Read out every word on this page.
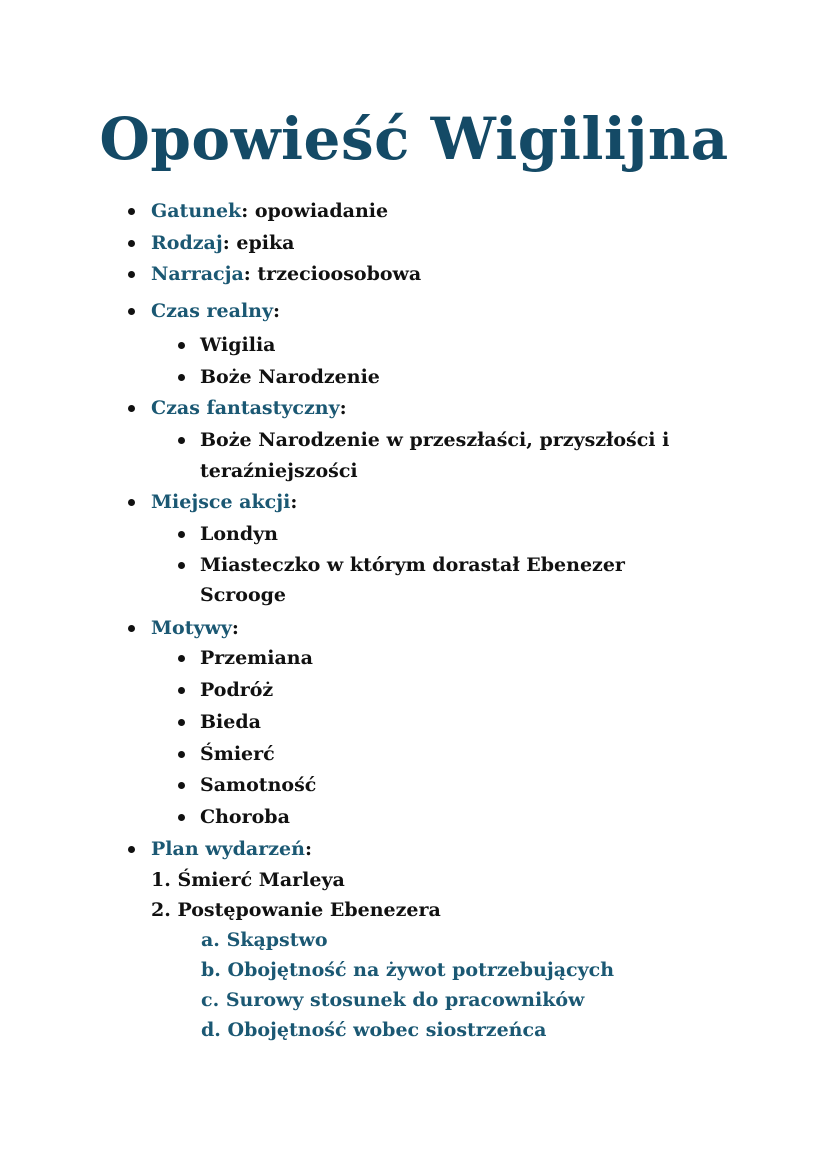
Opowieść Wigilijna
Gatunek: opowiadanie
Rodzaj: epika
Narracja: trzecioosobowa
Czas realny:
Wigilia
Boże Narodzenie
Czas fantastyczny:
Boże Narodzenie w przeszłaści, przyszłości i
teraźniejszości
Miejsce akcji:
Londyn
Miasteczko w którym dorastał Ebenezer
Scrooge
Motywy:
Przemiana
Podróż
Bieda
Śmierć
Samotność
Choroba
Plan wydarzeń:
1. Śmierć Marleya
2. Postępowanie Ebenezera
a. Skąpstwo
b. Obojętność na żywot potrzebujących
c. Surowy stosunek do pracowników
d. Obojętność wobec siostrzeńca
